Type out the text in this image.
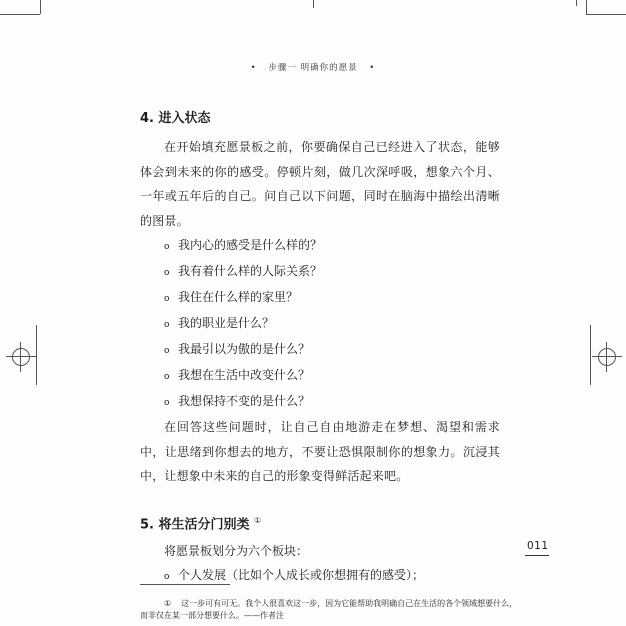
• 步骤一 明确你的愿景 •
4. 进入状态

在开始填充愿景板之前，你要确保自己已经进入了状态，能够体会到未来的你的感受。停顿片刻，做几次深呼吸，想象六个月、一年或五年后的自己。问自己以下问题，同时在脑海中描绘出清晰的图景。

o 我内心的感受是什么样的？
o 我有着什么样的人际关系？
o 我住在什么样的家里？
o 我的职业是什么？
o 我最引以为傲的是什么？
o 我想在生活中改变什么？
o 我想保持不变的是什么？

在回答这些问题时，让自己自由地游走在梦想、渴望和需求中，让思绪到你想去的地方，不要让恐惧限制你的想象力。沉浸其中，让想象中未来的自己的形象变得鲜活起来吧。

5. 将生活分门别类 ①

将愿景板划分为六个板块：

o 个人发展（比如个人成长或你想拥有的感受）；
011
① 这一步可有可无。我个人很喜欢这一步，因为它能帮助我明确自己在生活的各个领域想要什么，而非仅在某一部分想要什么。——作者注
